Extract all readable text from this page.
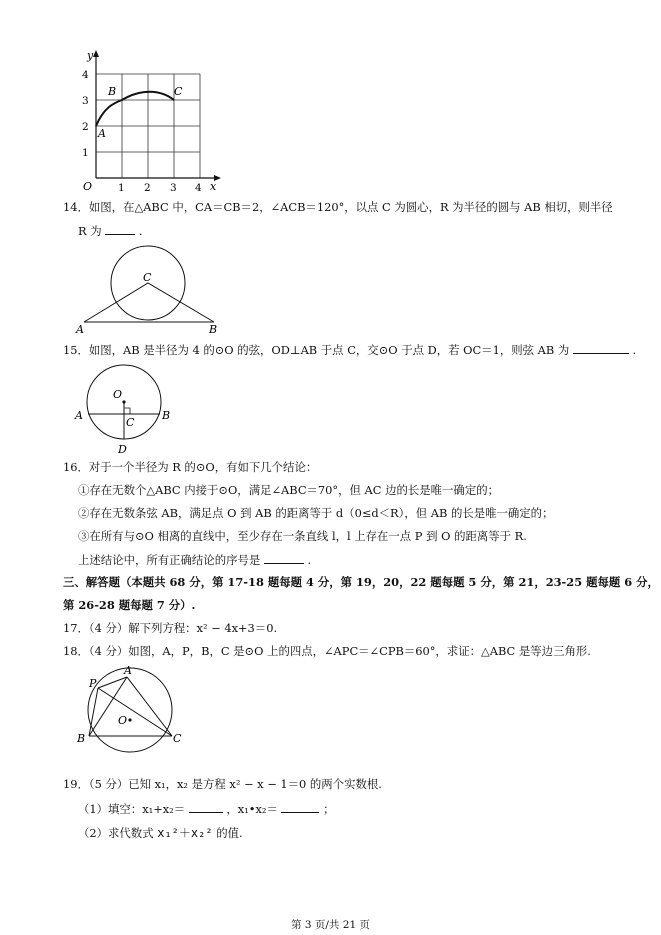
y
x
O 1 2 3 4
1
2
3
4
A
B	C
14．如图，在△ABC 中，CA＝CB＝2，∠ACB＝120°，以点 C 为圆心，R 为半径的圆与 AB 相切，则半径
R 为	.
C
A	B
15．如图，AB 是半径为 4 的⊙O 的弦，OD⊥AB 于点 C，交⊙O 于点 D，若 OC＝1，则弦 AB 为	.
O
A	B
C
D
16．对于一个半径为 R 的⊙O，有如下几个结论：
①存在无数个△ABC 内接于⊙O，满足∠ABC＝70°，但 AC 边的长是唯一确定的；
②存在无数条弦 AB，满足点 O 到 AB 的距离等于 d（0≤d＜R），但 AB 的长是唯一确定的；
③在所有与⊙O 相离的直线中，至少存在一条直线 l，l 上存在一点 P 到 O 的距离等于 R.
上述结论中，所有正确结论的序号是	.
三、解答题（本题共 68 分，第 17-18 题每题 4 分，第 19，20，22 题每题 5 分，第 21，23-25 题每题 6 分，
第 26-28 题每题 7 分）.
17．（4 分）解下列方程：x² − 4x+3＝0.
18．（4 分）如图，A，P，B，C 是⊙O 上的四点，∠APC＝∠CPB＝60°，求证：△ABC 是等边三角形.
A
P
O
B	C
19．（5 分）已知 x₁，x₂ 是方程 x² − x − 1＝0 的两个实数根.
（1）填空：x₁+x₂＝	，x₁•x₂＝	；
（2）求代数式 x₁²＋x₂² 的值.
第 3 页/共 21 页
